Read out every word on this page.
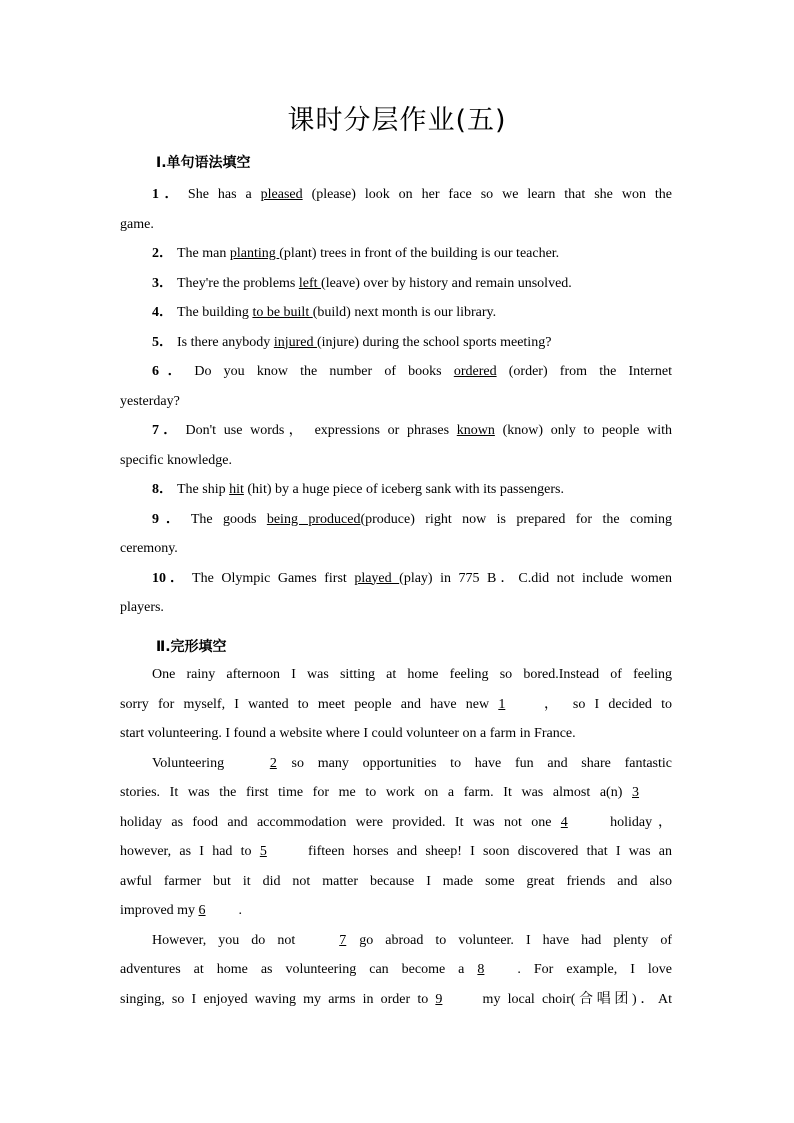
课时分层作业(五)
Ⅰ.单句语法填空
1． She has a pleased (please) look on her face so we learn that she won the
game.
2． The man planting (plant) trees in front of the building is our teacher.
3． They're the problems left (leave) over by history and remain unsolved.
4． The building to be built (build) next month is our library.
5． Is there anybody injured (injure) during the school sports meeting?
6． Do you know the number of books ordered (order) from the Internet
yesterday?
7． Don't use words， expressions or phrases known (know) only to people with
specific knowledge.
8． The ship hit (hit) by a huge piece of iceberg sank with its passengers.
9． The goods being produced(produce) right now is prepared for the coming
ceremony.
10． The Olympic Games first played (play) in 775 B．C.did not include women
players.
Ⅱ.完形填空
One rainy afternoon I was sitting at home feeling so bored.Instead of feeling
sorry for myself, I wanted to meet people and have new 1 ， so I decided to
start volunteering. I found a website where I could volunteer on a farm in France.
Volunteering 2 so many opportunities to have fun and share fantastic
stories. It was the first time for me to work on a farm. It was almost a(n) 3
holiday as food and accommodation were provided. It was not one 4 holiday，
however, as I had to 5 fifteen horses and sheep! I soon discovered that I was an
awful farmer but it did not matter because I made some great friends and also
improved my 6 .
However, you do not 7 go abroad to volunteer. I have had plenty of
adventures at home as volunteering can become a 8 . For example, I love
singing, so I enjoyed waving my arms in order to 9 my local choir(合唱团)．At
